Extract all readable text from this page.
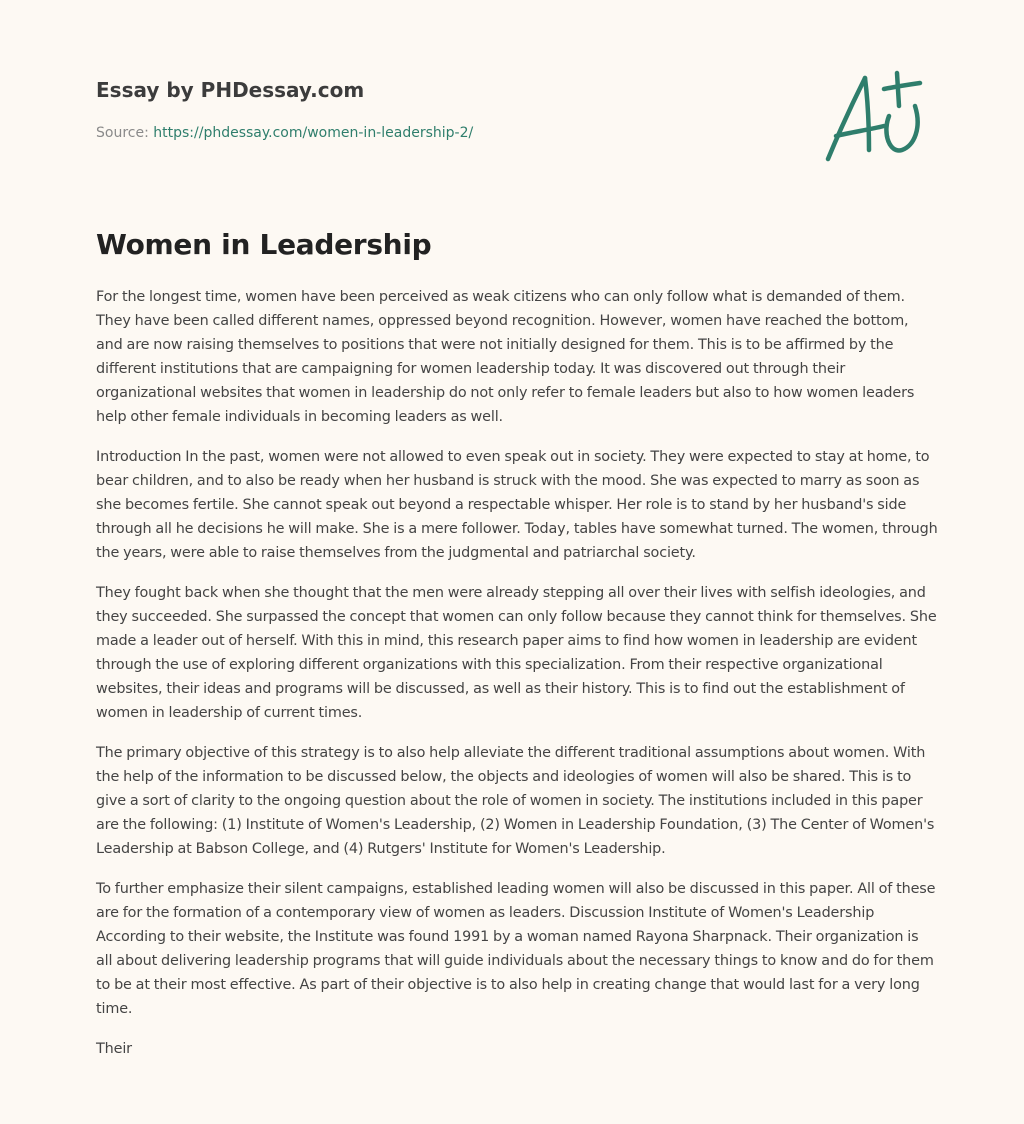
Essay by PHDessay.com
Source: https://phdessay.com/women-in-leadership-2/
Women in Leadership

For the longest time, women have been perceived as weak citizens who can only follow what is demanded of them. They have been called different names, oppressed beyond recognition. However, women have reached the bottom, and are now raising themselves to positions that were not initially designed for them. This is to be affirmed by the different institutions that are campaigning for women leadership today. It was discovered out through their organizational websites that women in leadership do not only refer to female leaders but also to how women leaders help other female individuals in becoming leaders as well.

Introduction In the past, women were not allowed to even speak out in society. They were expected to stay at home, to bear children, and to also be ready when her husband is struck with the mood. She was expected to marry as soon as she becomes fertile. She cannot speak out beyond a respectable whisper. Her role is to stand by her husband's side through all he decisions he will make. She is a mere follower. Today, tables have somewhat turned. The women, through the years, were able to raise themselves from the judgmental and patriarchal society.

They fought back when she thought that the men were already stepping all over their lives with selfish ideologies, and they succeeded. She surpassed the concept that women can only follow because they cannot think for themselves. She made a leader out of herself. With this in mind, this research paper aims to find how women in leadership are evident through the use of exploring different organizations with this specialization. From their respective organizational websites, their ideas and programs will be discussed, as well as their history. This is to find out the establishment of women in leadership of current times.

The primary objective of this strategy is to also help alleviate the different traditional assumptions about women. With the help of the information to be discussed below, the objects and ideologies of women will also be shared. This is to give a sort of clarity to the ongoing question about the role of women in society. The institutions included in this paper are the following: (1) Institute of Women's Leadership, (2) Women in Leadership Foundation, (3) The Center of Women's Leadership at Babson College, and (4) Rutgers' Institute for Women's Leadership.

To further emphasize their silent campaigns, established leading women will also be discussed in this paper. All of these are for the formation of a contemporary view of women as leaders. Discussion Institute of Women's Leadership According to their website, the Institute was found 1991 by a woman named Rayona Sharpnack. Their organization is all about delivering leadership programs that will guide individuals about the necessary things to know and do for them to be at their most effective. As part of their objective is to also help in creating change that would last for a very long time.

Their
